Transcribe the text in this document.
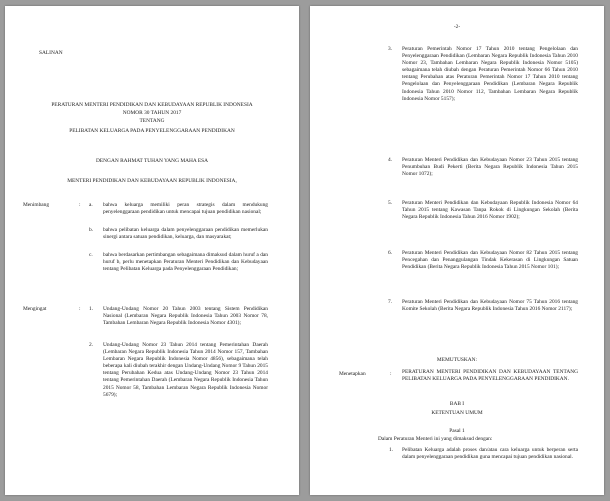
SALINAN
PERATURAN MENTERI PENDIDIKAN DAN KEBUDAYAAN REPUBLIK INDONESIA
NOMOR 30 TAHUN 2017
TENTANG
PELIBATAN KELUARGA PADA PENYELENGGARAAN PENDIDIKAN
DENGAN RAHMAT TUHAN YANG MAHA ESA
MENTERI PENDIDIKAN DAN KEBUDAYAAN REPUBLIK INDONESIA,
Menimbang	: a.	bahwa keluarga memiliki peran strategis dalam mendukung penyelenggaraan pendidikan untuk mencapai tujuan pendidikan nasional;
b.	bahwa pelibatan keluarga dalam penyelenggaraan pendidikan memerlukan sinergi antara satuan pendidikan, keluarga, dan masyarakat;
c.	bahwa berdasarkan pertimbangan sebagaimana dimaksud dalam huruf a dan huruf b, perlu menetapkan Peraturan Menteri Pendidikan dan Kebudayaan tentang Pelibatan Keluarga pada Penyelenggaraan Pendidikan;
Mengingat	: 1.	Undang-Undang Nomor 20 Tahun 2003 tentang Sistem Pendidikan Nasional (Lembaran Negara Republik Indonesia Tahun 2003 Nomor 78, Tambahan Lembaran Negara Republik Indonesia Nomor 4301);
2.	Undang-Undang Nomor 23 Tahun 2014 tentang Pemerintahan Daerah (Lembaran Negara Republik Indonesia Tahun 2014 Nomor 157, Tambahan Lembaran Negara Republik Indonesia Nomor 4856), sebagaimana telah beberapa kali diubah terakhir dengan Undang-Undang Nomor 9 Tahun 2015 tentang Perubahan Kedua atas Undang-Undang Nomor 23 Tahun 2014 tentang Pemerintahan Daerah (Lembaran Negara Republik Indonesia Tahun 2015 Nomor 58, Tambahan Lembaran Negara Republik Indonesia Nomor 5679);
-2-
3.	Peraturan Pemerintah Nomor 17 Tahun 2010 tentang Pengelolaan dan Penyelenggaraan Pendidikan (Lembaran Negara Republik Indonesia Tahun 2010 Nomor 23, Tambahan Lembaran Negara Republik Indonesia Nomor 5105) sebagaimana telah diubah dengan Peraturan Pemerintah Nomor 66 Tahun 2010 tentang Perubahan atas Peraturan Pemerintah Nomor 17 Tahun 2010 tentang Pengelolaan dan Penyelenggaraan Pendidikan (Lembaran Negara Republik Indonesia Tahun 2010 Nomor 112, Tambahan Lembaran Negara Republik Indonesia Nomor 5157);
4.	Peraturan Menteri Pendidikan dan Kebudayaan Nomor 23 Tahun 2015 tentang Penumbuhan Budi Pekerti (Berita Negara Republik Indonesia Tahun 2015 Nomor 1072);
5.	Peraturan Menteri Pendidikan dan Kebudayaan Republik Indonesia Nomor 64 Tahun 2015 tentang Kawasan Tanpa Rokok di Lingkungan Sekolah (Berita Negara Republik Indonesia Tahun 2016 Nomor 1902);
6.	Peraturan Menteri Pendidikan dan Kebudayaan Nomor 82 Tahun 2015 tentang Pencegahan dan Penanggulangan Tindak Kekerasan di Lingkungan Satuan Pendidikan (Berita Negara Republik Indonesia Tahun 2015 Nomor 101);
7.	Peraturan Menteri Pendidikan dan Kebudayaan Nomor 75 Tahun 2016 tentang Komite Sekolah (Berita Negara Republik Indonesia Tahun 2016 Nomor 2117);
MEMUTUSKAN:
Menetapkan	: PERATURAN MENTERI PENDIDIKAN DAN KEBUDAYAAN TENTANG PELIBATAN KELUARGA PADA PENYELENGGARAAN PENDIDIKAN.
BAB I
KETENTUAN UMUM
Pasal 1
Dalam Peraturan Menteri ini yang dimaksud dengan:
1. Pelibatan Keluarga adalah proses dan/atau cara keluarga untuk berperan serta dalam penyelenggaraan pendidikan guna mencapai tujuan pendidikan nasional.
